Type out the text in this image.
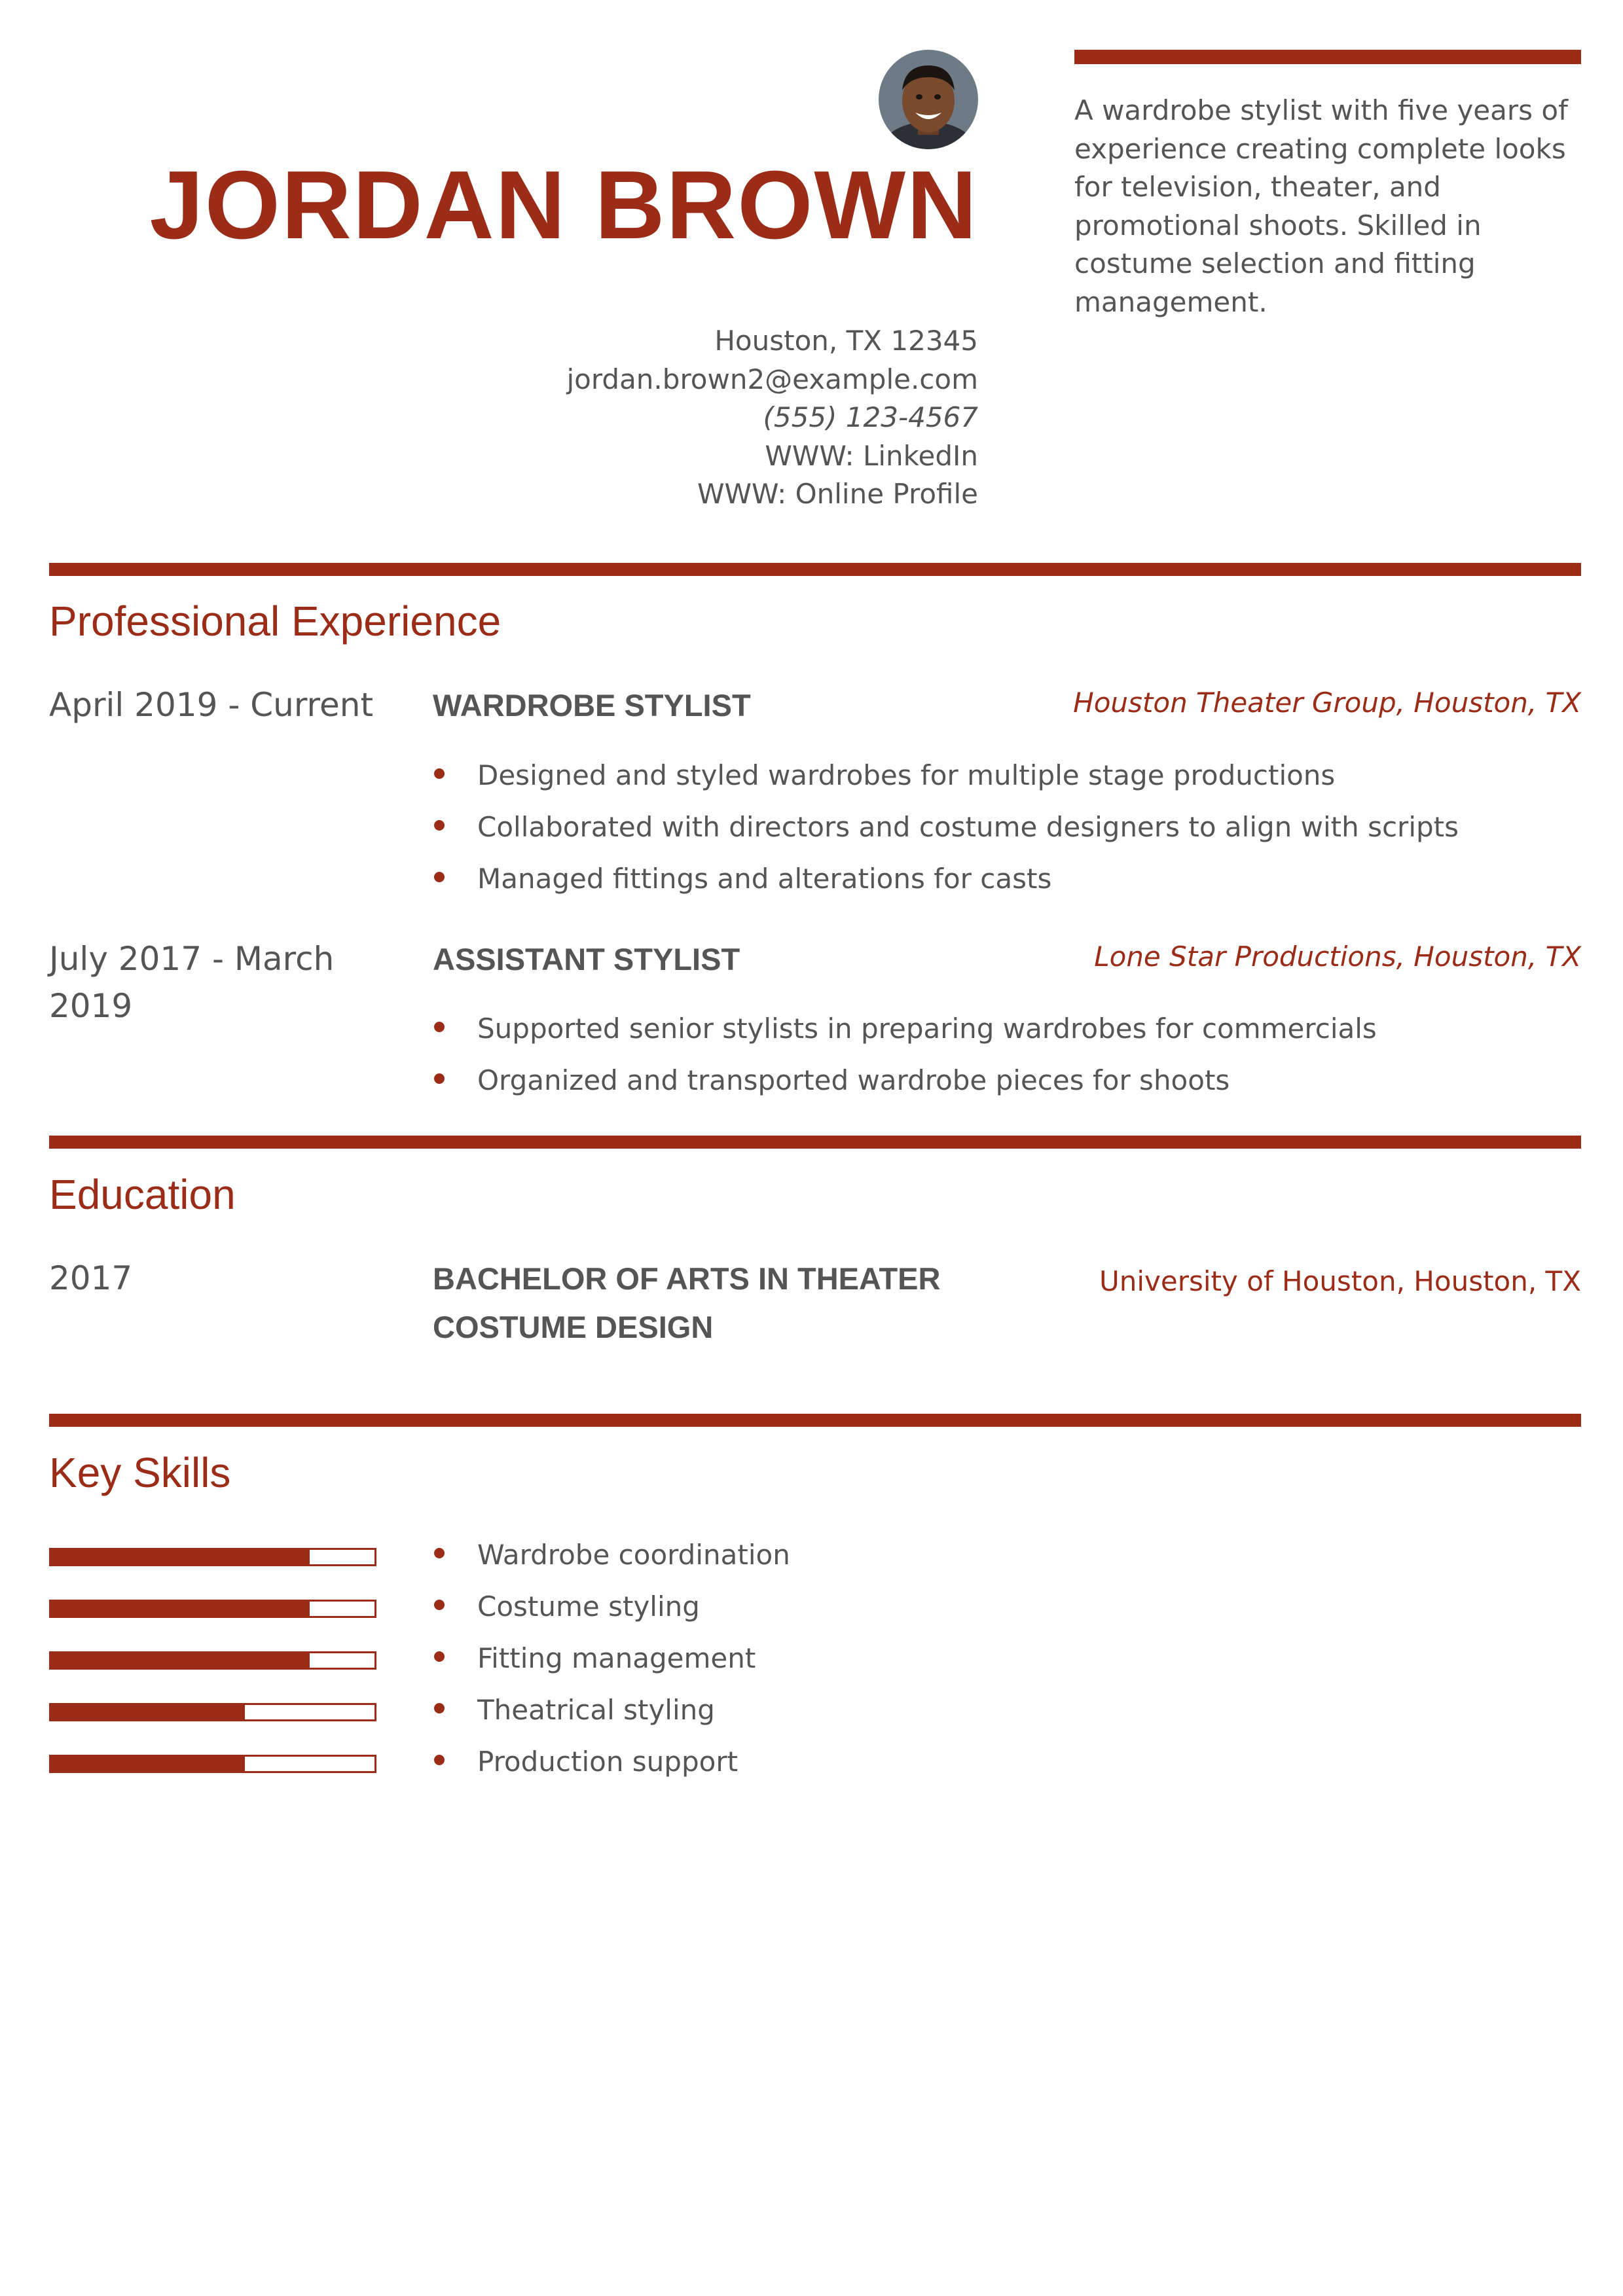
JORDAN BROWN
Houston, TX 12345
jordan.brown2@example.com
(555) 123-4567
WWW: LinkedIn
WWW: Online Profile
A wardrobe stylist with five years of experience creating complete looks for television, theater, and promotional shoots. Skilled in costume selection and fitting management.
Professional Experience
April 2019 - Current	WARDROBE STYLIST	Houston Theater Group, Houston, TX
Designed and styled wardrobes for multiple stage productions
Collaborated with directors and costume designers to align with scripts
Managed fittings and alterations for casts
July 2017 - March 2019
ASSISTANT STYLIST	Lone Star Productions, Houston, TX
Supported senior stylists in preparing wardrobes for commercials
Organized and transported wardrobe pieces for shoots
Education
2017	BACHELOR OF ARTS IN THEATER COSTUME DESIGN
University of Houston, Houston, TX
Key Skills
Wardrobe coordination
Costume styling
Fitting management
Theatrical styling
Production support
